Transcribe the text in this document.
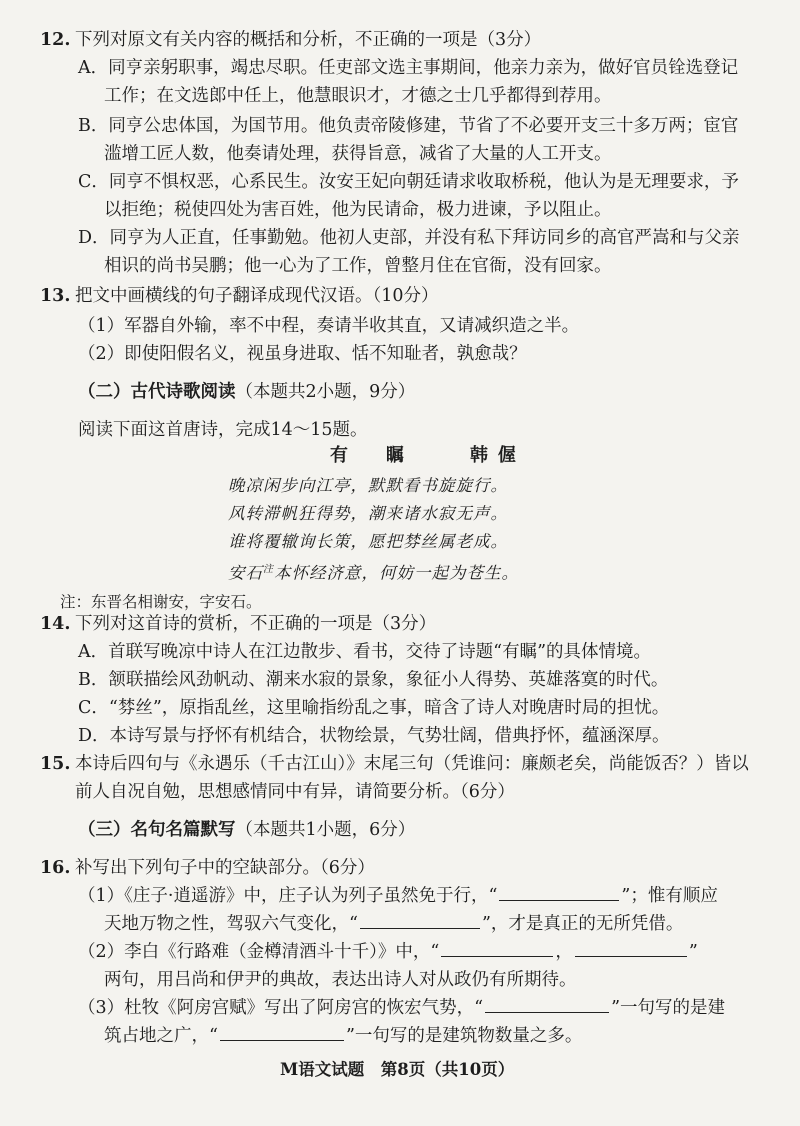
12. 下列对原文有关内容的概括和分析，不正确的一项是（3分）
A．同亨亲躬职事，竭忠尽职。任吏部文选主事期间，他亲力亲为，做好官员铨选登记
工作；在文选郎中任上，他慧眼识才，才德之士几乎都得到荐用。
B．同亨公忠体国，为国节用。他负责帝陵修建，节省了不必要开支三十多万两；宦官
滥增工匠人数，他奏请处理，获得旨意，减省了大量的人工开支。
C．同亨不惧权恶，心系民生。汝安王妃向朝廷请求收取桥税，他认为是无理要求，予
以拒绝；税使四处为害百姓，他为民请命，极力进谏，予以阻止。
D．同亨为人正直，任事勤勉。他初人吏部，并没有私下拜访同乡的高官严嵩和与父亲
相识的尚书吴鹏；他一心为了工作，曾整月住在官衙，没有回家。
13. 把文中画横线的句子翻译成现代汉语。（10分）
（1）军器自外输，率不中程，奏请半收其直，又请减织造之半。
（2）即使阳假名义，视虽身进取、恬不知耻者，孰愈哉？
（二）古代诗歌阅读（本题共2小题，9分）
阅读下面这首唐诗，完成14～15题。
有　瞩　　韩偓
晚凉闲步向江亭，默默看书旋旋行。
风转滞帆狂得势，潮来诸水寂无声。
谁将覆辙询长策，愿把棼丝属老成。
安石$^注$本怀经济意，何妨一起为苍生。
注：东晋名相谢安，字安石。
14. 下列对这首诗的赏析，不正确的一项是（3分）
A．首联写晚凉中诗人在江边散步、看书，交待了诗题“有瞩”的具体情境。
B．颔联描绘风劲帆动、潮来水寂的景象，象征小人得势、英雄落寞的时代。
C．“棼丝”，原指乱丝，这里喻指纷乱之事，暗含了诗人对晚唐时局的担忧。
D．本诗写景与抒怀有机结合，状物绘景，气势壮阔，借典抒怀，蕴涵深厚。
15. 本诗后四句与《永遇乐（千古江山）》末尾三句（凭谁问：廉颇老矣，尚能饭否？）皆以
前人自况自勉，思想感情同中有异，请简要分析。（6分）
（三）名句名篇默写（本题共1小题，6分）
16. 补写出下列句子中的空缺部分。（6分）
（1）《庄子·逍遥游》中，庄子认为列子虽然免于行，“	”；惟有顺应
天地万物之性，驾驭六气变化，“	”，才是真正的无所凭借。
（2）李白《行路难（金樽清酒斗十千）》中，“	，	”
两句，用吕尚和伊尹的典故，表达出诗人对从政仍有所期待。
（3）杜牧《阿房宫赋》写出了阿房宫的恢宏气势，“	”一句写的是建
筑占地之广，“	”一句写的是建筑物数量之多。
M语文试题　第8页（共10页）
